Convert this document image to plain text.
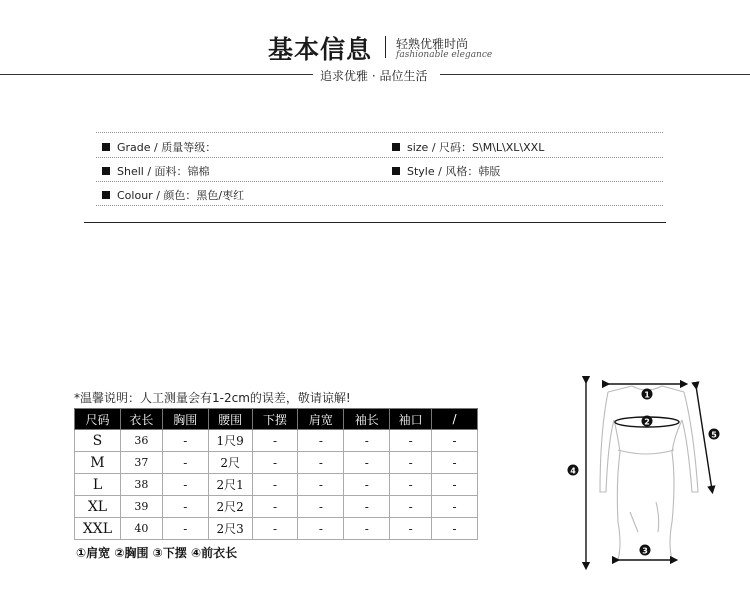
基本信息 轻熟优雅时尚
fashionable elegance
追求优雅 · 品位生活
Grade / 质量等级：	size / 尺码：S\M\L\XL\XXL
Shell / 面料：锦棉	Style / 风格：韩版
Colour / 颜色：黑色/枣红
*温馨说明：人工测量会有1-2cm的误差，敬请谅解!
尺码	衣长	胸围	腰围	下摆	肩宽	袖长	袖口	/
S	36	-	1尺9	-	-	-	-	-
M	37	-	2尺	-	-	-	-	-
L	38	-	2尺1	-	-	-	-	-
XL	39	-	2尺2	-	-	-	-	-
XXL	40	-	2尺3	-	-	-	-	-
①肩宽 ②胸围 ③下摆 ④前衣长
1
2
3
4
5
